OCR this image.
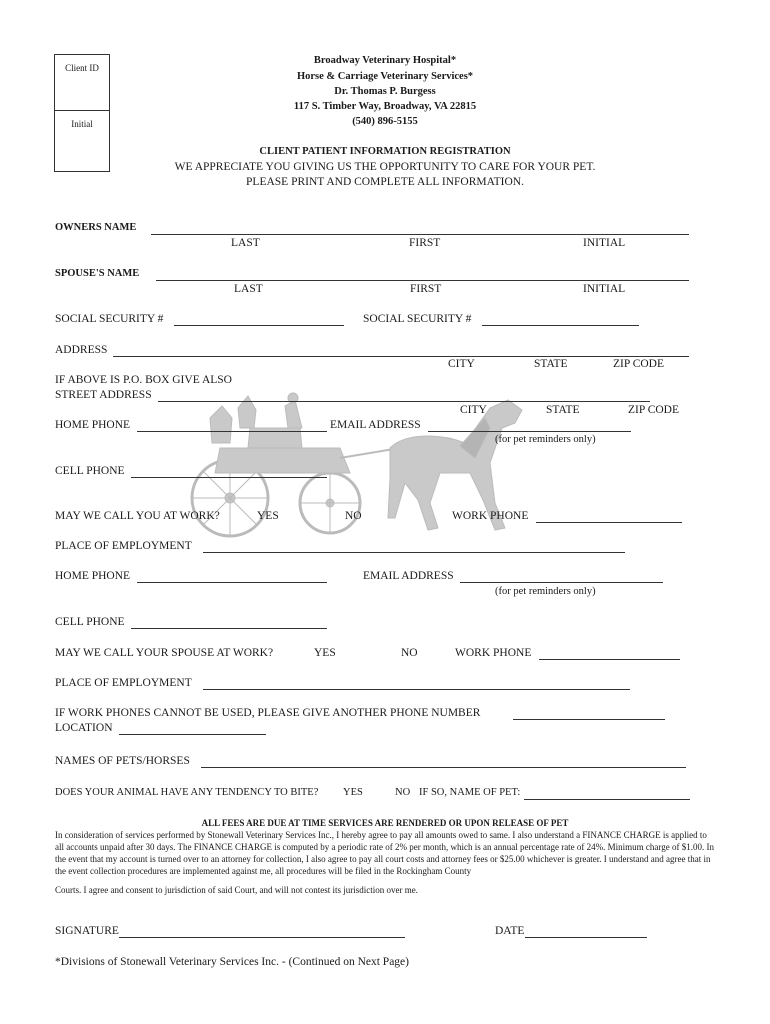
Client ID
Initial
Broadway Veterinary Hospital*
Horse & Carriage Veterinary Services*
Dr. Thomas P. Burgess
117 S. Timber Way, Broadway, VA 22815
(540) 896-5155
CLIENT PATIENT INFORMATION REGISTRATION
WE APPRECIATE YOU GIVING US THE OPPORTUNITY TO CARE FOR YOUR PET.
PLEASE PRINT AND COMPLETE ALL INFORMATION.
OWNERS NAME
LAST	FIRST	INITIAL
SPOUSE'S NAME
LAST	FIRST	INITIAL
SOCIAL SECURITY #	SOCIAL SECURITY #
ADDRESS
CITY	STATE	ZIP CODE
IF ABOVE IS P.O. BOX GIVE ALSO
STREET ADDRESS
CITY	STATE	ZIP CODE
HOME PHONE	EMAIL ADDRESS
(for pet reminders only)
CELL PHONE
MAY WE CALL YOU AT WORK?	YES	NO	WORK PHONE
PLACE OF EMPLOYMENT
HOME PHONE	EMAIL ADDRESS
(for pet reminders only)
CELL PHONE
MAY WE CALL YOUR SPOUSE AT WORK?	YES	NO	WORK PHONE
PLACE OF EMPLOYMENT
IF WORK PHONES CANNOT BE USED, PLEASE GIVE ANOTHER PHONE NUMBER
LOCATION
NAMES OF PETS/HORSES
DOES YOUR ANIMAL HAVE ANY TENDENCY TO BITE? YES	NO IF SO, NAME OF PET:
ALL FEES ARE DUE AT TIME SERVICES ARE RENDERED OR UPON RELEASE OF PET
In consideration of services performed by Stonewall Veterinary Services Inc., I hereby agree to pay all amounts owed to same. I also understand a FINANCE CHARGE is applied to all accounts unpaid after 30 days. The FINANCE CHARGE is computed by a periodic rate of 2% per month, which is an annual percentage rate of 24%. Minimum charge of $1.00. In the event that my account is turned over to an attorney for collection, I also agree to pay all court costs and attorney fees or $25.00 whichever is greater. I understand and agree that in the event collection procedures are implemented against me, all procedures will be filed in the Rockingham County
Courts. I agree and consent to jurisdiction of said Court, and will not contest its jurisdiction over me.
SIGNATURE	DATE
*Divisions of Stonewall Veterinary Services Inc. - (Continued on Next Page)
